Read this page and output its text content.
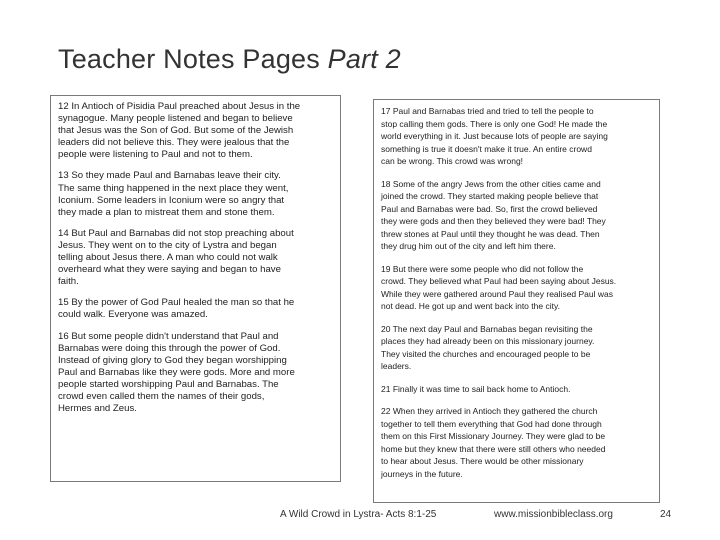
Teacher Notes Pages Part 2

12 In Antioch of Pisidia Paul preached about Jesus in the
synagogue. Many people listened and began to believe
that Jesus was the Son of God. But some of the Jewish
leaders did not believe this. They were jealous that the
people were listening to Paul and not to them.

13 So they made Paul and Barnabas leave their city.
The same thing happened in the next place they went,
Iconium. Some leaders in Iconium were so angry that
they made a plan to mistreat them and stone them.

14 But Paul and Barnabas did not stop preaching about
Jesus. They went on to the city of Lystra and began
telling about Jesus there. A man who could not walk
overheard what they were saying and began to have
faith.

15 By the power of God Paul healed the man so that he
could walk. Everyone was amazed.

16 But some people didn't understand that Paul and
Barnabas were doing this through the power of God.
Instead of giving glory to God they began worshipping
Paul and Barnabas like they were gods. More and more
people started worshipping Paul and Barnabas. The
crowd even called them the names of their gods,
Hermes and Zeus.

17 Paul and Barnabas tried and tried to tell the people to
stop calling them gods. There is only one God! He made the
world everything in it. Just because lots of people are saying
something is true it doesn't make it true. An entire crowd
can be wrong. This crowd was wrong!

18 Some of the angry Jews from the other cities came and
joined the crowd. They started making people believe that
Paul and Barnabas were bad. So, first the crowd believed
they were gods and then they believed they were bad! They
threw stones at Paul until they thought he was dead. Then
they drug him out of the city and left him there.

19 But there were some people who did not follow the
crowd. They believed what Paul had been saying about Jesus.
While they were gathered around Paul they realised Paul was
not dead. He got up and went back into the city.

20 The next day Paul and Barnabas began revisiting the
places they had already been on this missionary journey.
They visited the churches and encouraged people to be
leaders.

21 Finally it was time to sail back home to Antioch.

22 When they arrived in Antioch they gathered the church
together to tell them everything that God had done through
them on this First Missionary Journey. They were glad to be
home but they knew that there were still others who needed
to hear about Jesus. There would be other missionary
journeys in the future.

A Wild Crowd in Lystra- Acts 8:1-25	www.missionbibleclass.org	24
